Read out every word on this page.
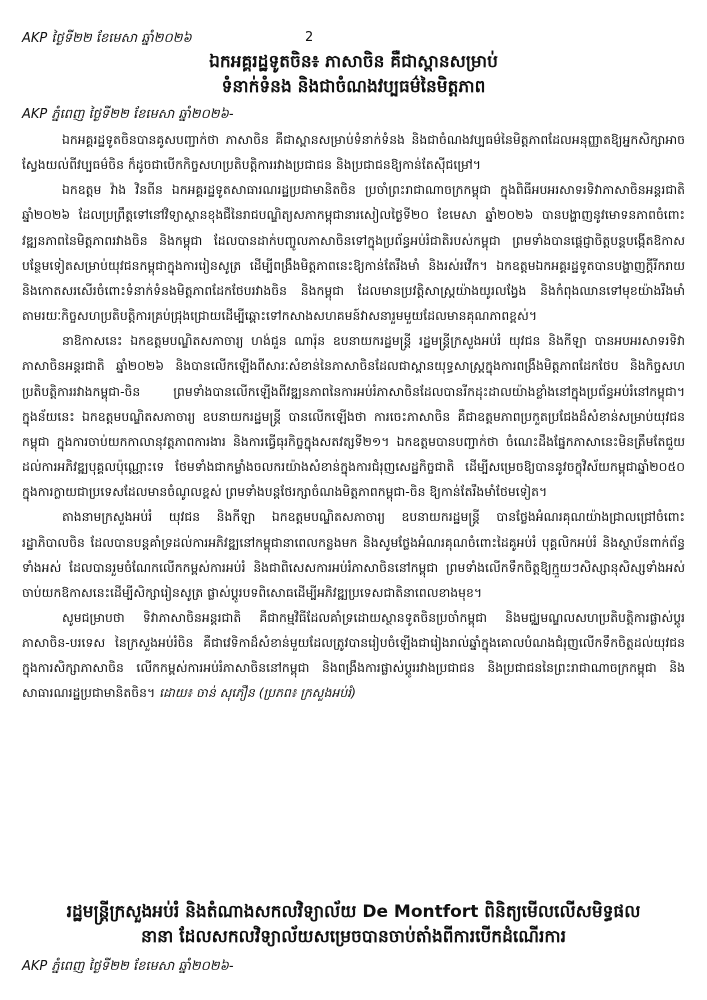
AKP ថ្ងៃទី២២ ខែមេសា ឆ្នាំ២០២៦	2
ឯកអគ្គរដ្ឋទូតចិន៖ ភាសាចិន គឺជាស្ពានសម្រាប់
ទំនាក់ទំនង និងជាចំណងវប្បធម៌នៃមិត្តភាព
AKP ភ្នំពេញ ថ្ងៃទី២២ ខែមេសា ឆ្នាំ២០២៦-

ឯកអគ្គរដ្ឋទូតចិនបានគូសបញ្ជាក់ថា ភាសាចិន គឺជាស្ពានសម្រាប់ទំនាក់ទំនង និងជាចំណងវប្បធម៌នៃមិត្តភាពដែលអនុញ្ញាតឱ្យអ្នកសិក្សាអាចស្វែងយល់ពីវប្បធម៌ចិន ក៏ដូចជាបើកកិច្ចសហប្រតិបត្តិការរវាងប្រជាជន និងប្រជាជនឱ្យកាន់តែស៊ីជម្រៅ។

ឯកឧត្តម វ៉ាង វិនពីន ឯកអគ្គរដ្ឋទូតសាធារណរដ្ឋប្រជាមានិតចិន ប្រចាំព្រះរាជាណាចក្រកម្ពុជា ក្នុងពិធីអបអរសាទរទិវាភាសាចិនអន្តរជាតិ ឆ្នាំ២០២៦ ដែលប្រព្រឹត្តទៅនៅវិទ្យាស្ថានខុងជឺនៃរាជបណ្ឌិត្យសភាកម្ពុជានារសៀលថ្ងៃទី២០ ខែមេសា ឆ្នាំ២០២៦ បានបង្ហាញនូវមោទនភាពចំពោះវឌ្ឍនភាពនៃមិត្តភាពរវាងចិន និងកម្ពុជា ដែលបានដាក់បញ្ចូលភាសាចិនទៅក្នុងប្រព័ន្ធអប់រំជាតិរបស់កម្ពុជា ព្រមទាំងបានផ្តេជ្ញាចិត្តបន្តបង្កើតឱកាសបន្ថែមទៀតសម្រាប់យុវជនកម្ពុជាក្នុងការរៀនសូត្រ ដើម្បីពង្រឹងមិត្តភាពនេះឱ្យកាន់តែរឹងមាំ និងរស់រវើក។ ឯកឧត្តមឯកអគ្គរដ្ឋទូតបានបង្ហាញក្តីរីករាយ និងកោតសរសើរចំពោះទំនាក់ទំនងមិត្តភាពដែកថែបរវាងចិន និងកម្ពុជា ដែលមានប្រវត្តិសាស្ត្រយ៉ាងយូរលង្វែង និងកំពុងឈានទៅមុខយ៉ាងរឹងមាំ តាមរយៈកិច្ចសហប្រតិបត្តិការគ្រប់ជ្រុងជ្រោយដើម្បីឆ្ពោះទៅកសាងសហគមន៍វាសនារួមមួយដែលមានគុណភាពខ្ពស់។

នាឱកាសនេះ ឯកឧត្តមបណ្ឌិតសភាចារ្យ ហង់ជួន ណារ៉ុន ឧបនាយករដ្ឋមន្ត្រី រដ្ឋមន្ត្រីក្រសួងអប់រំ យុវជន និងកីឡា បានអបអរសាទរទិវាភាសាចិនអន្តរជាតិ ឆ្នាំ២០២៦ និងបានលើកឡើងពីសារៈសំខាន់នៃភាសាចិនដែលជាស្ពានយុទ្ធសាស្ត្រក្នុងការពង្រឹងមិត្តភាពដែកថែប និងកិច្ចសហប្រតិបត្តិការរវាងកម្ពុជា-ចិន ព្រមទាំងបានលើកឡើងពីវឌ្ឍនភាពនៃការអប់រំភាសាចិនដែលបានរីកដុះដាលយ៉ាងខ្លាំងនៅក្នុងប្រព័ន្ធអប់រំនៅកម្ពុជា។ ក្នុងន័យនេះ ឯកឧត្តមបណ្ឌិតសភាចារ្យ ឧបនាយករដ្ឋមន្ត្រី បានលើកឡើងថា ការចេះភាសាចិន គឺជាឧត្តមភាពប្រកួតប្រជែងដ៏សំខាន់សម្រាប់យុវជនកម្ពុជា ក្នុងការចាប់យកកាលានុវត្តភាពការងារ និងការធ្វើធុរកិច្ចក្នុងសតវត្សទី២១។ ឯកឧត្តមបានបញ្ជាក់ថា ចំណេះដឹងផ្នែកភាសានេះមិនត្រឹមតែជួយដល់ការអភិវឌ្ឍបុគ្គលប៉ុណ្ណោះទេ ថែមទាំងជាកម្លាំងចលករយ៉ាងសំខាន់ក្នុងការជំរុញសេដ្ឋកិច្ចជាតិ ដើម្បីសម្រេចឱ្យបាននូវចក្ខុវិស័យកម្ពុជាឆ្នាំ២០៥០ ក្នុងការក្លាយជាប្រទេសដែលមានចំណូលខ្ពស់ ព្រមទាំងបន្តថែរក្សាចំណងមិត្តភាពកម្ពុជា-ចិន ឱ្យកាន់តែរឹងមាំថែមទៀត។

តាងនាមក្រសួងអប់រំ យុវជន និងកីឡា ឯកឧត្តមបណ្ឌិតសភាចារ្យ ឧបនាយករដ្ឋមន្ត្រី បានថ្លែងអំណរគុណយ៉ាងជ្រាលជ្រៅចំពោះរដ្ឋាភិបាលចិន ដែលបានបន្តគាំទ្រដល់ការអភិវឌ្ឍនៅកម្ពុជានាពេលកន្លងមក និងសូមថ្លែងអំណរគុណចំពោះដៃគូអប់រំ បុគ្គលិកអប់រំ និងស្ថាប័នពាក់ព័ន្ធទាំងអស់ ដែលបានរួមចំណែកលើកកម្ពស់ការអប់រំ និងជាពិសេសការអប់រំភាសាចិននៅកម្ពុជា ព្រមទាំងលើកទឹកចិត្តឱ្យក្មួយៗសិស្សានុសិស្សទាំងអស់ចាប់យកឱកាសនេះដើម្បីសិក្សារៀនសូត្រ ផ្លាស់ប្តូរបទពិសោធដើម្បីអភិវឌ្ឍប្រទេសជាតិនាពេលខាងមុខ។

សូមជម្រាបថា ទិវាភាសាចិនអន្តរជាតិ គឺជាកម្មវិធីដែលគាំទ្រដោយស្ថានទូតចិនប្រចាំកម្ពុជា និងមជ្ឈមណ្ឌលសហប្រតិបត្តិការផ្លាស់ប្តូរភាសាចិន-បរទេស នៃក្រសួងអប់រំចិន គឺជាវេទិកាដ៏សំខាន់មួយដែលត្រូវបានរៀបចំឡើងជារៀងរាល់ឆ្នាំក្នុងគោលបំណងជំរុញលើកទឹកចិត្តដល់យុវជនក្នុងការសិក្សាភាសាចិន លើកកម្ពស់ការអប់រំភាសាចិននៅកម្ពុជា និងពង្រឹងការផ្លាស់ប្តូររវាងប្រជាជន និងប្រជាជននៃព្រះរាជាណាចក្រកម្ពុជា និងសាធារណរដ្ឋប្រជាមានិតចិន។ ដោយ៖ ចាន់ សុភឿន (ប្រភព៖ ក្រសួងអប់រំ)

រដ្ឋមន្ត្រីក្រសួងអប់រំ និងតំណាងសកលវិទ្យាល័យ De Montfort ពិនិត្យមើលលើសមិទ្ធផល
នានា ដែលសកលវិទ្យាល័យសម្រេចបានចាប់តាំងពីការបើកដំណើរការ
AKP ភ្នំពេញ ថ្ងៃទី២២ ខែមេសា ឆ្នាំ២០២៦-
